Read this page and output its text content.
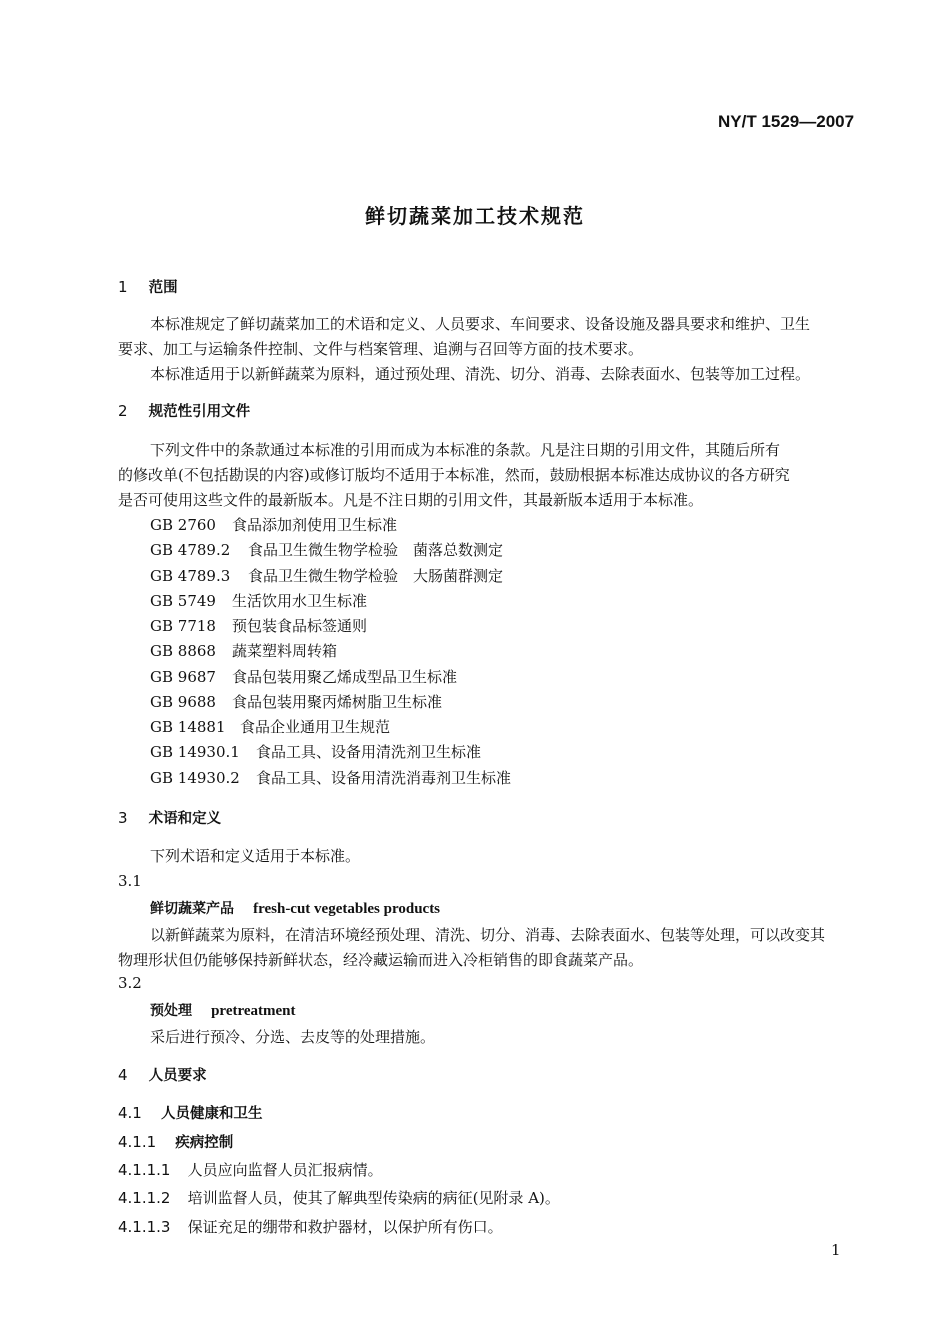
NY/T 1529—2007
鲜切蔬菜加工技术规范
1 范围
本标准规定了鲜切蔬菜加工的术语和定义、人员要求、车间要求、设备设施及器具要求和维护、卫生
要求、加工与运输条件控制、文件与档案管理、追溯与召回等方面的技术要求。
本标准适用于以新鲜蔬菜为原料，通过预处理、清洗、切分、消毒、去除表面水、包装等加工过程。
2 规范性引用文件
下列文件中的条款通过本标准的引用而成为本标准的条款。凡是注日期的引用文件，其随后所有
的修改单(不包括勘误的内容)或修订版均不适用于本标准，然而，鼓励根据本标准达成协议的各方研究
是否可使用这些文件的最新版本。凡是不注日期的引用文件，其最新版本适用于本标准。
GB 2760 食品添加剂使用卫生标准
GB 4789.2 食品卫生微生物学检验　菌落总数测定
GB 4789.3 食品卫生微生物学检验　大肠菌群测定
GB 5749 生活饮用水卫生标准
GB 7718 预包装食品标签通则
GB 8868 蔬菜塑料周转箱
GB 9687 食品包装用聚乙烯成型品卫生标准
GB 9688 食品包装用聚丙烯树脂卫生标准
GB 14881 食品企业通用卫生规范
GB 14930.1 食品工具、设备用清洗剂卫生标准
GB 14930.2 食品工具、设备用清洗消毒剂卫生标准
3 术语和定义
下列术语和定义适用于本标准。
3.1
鲜切蔬菜产品 fresh-cut vegetables products
以新鲜蔬菜为原料，在清洁环境经预处理、清洗、切分、消毒、去除表面水、包装等处理，可以改变其
物理形状但仍能够保持新鲜状态，经冷藏运输而进入冷柜销售的即食蔬菜产品。
3.2
预处理 pretreatment
采后进行预冷、分选、去皮等的处理措施。
4 人员要求
4.1 人员健康和卫生
4.1.1 疾病控制
4.1.1.1 人员应向监督人员汇报病情。
4.1.1.2 培训监督人员，使其了解典型传染病的病征(见附录 A)。
4.1.1.3 保证充足的绷带和救护器材，以保护所有伤口。
1
